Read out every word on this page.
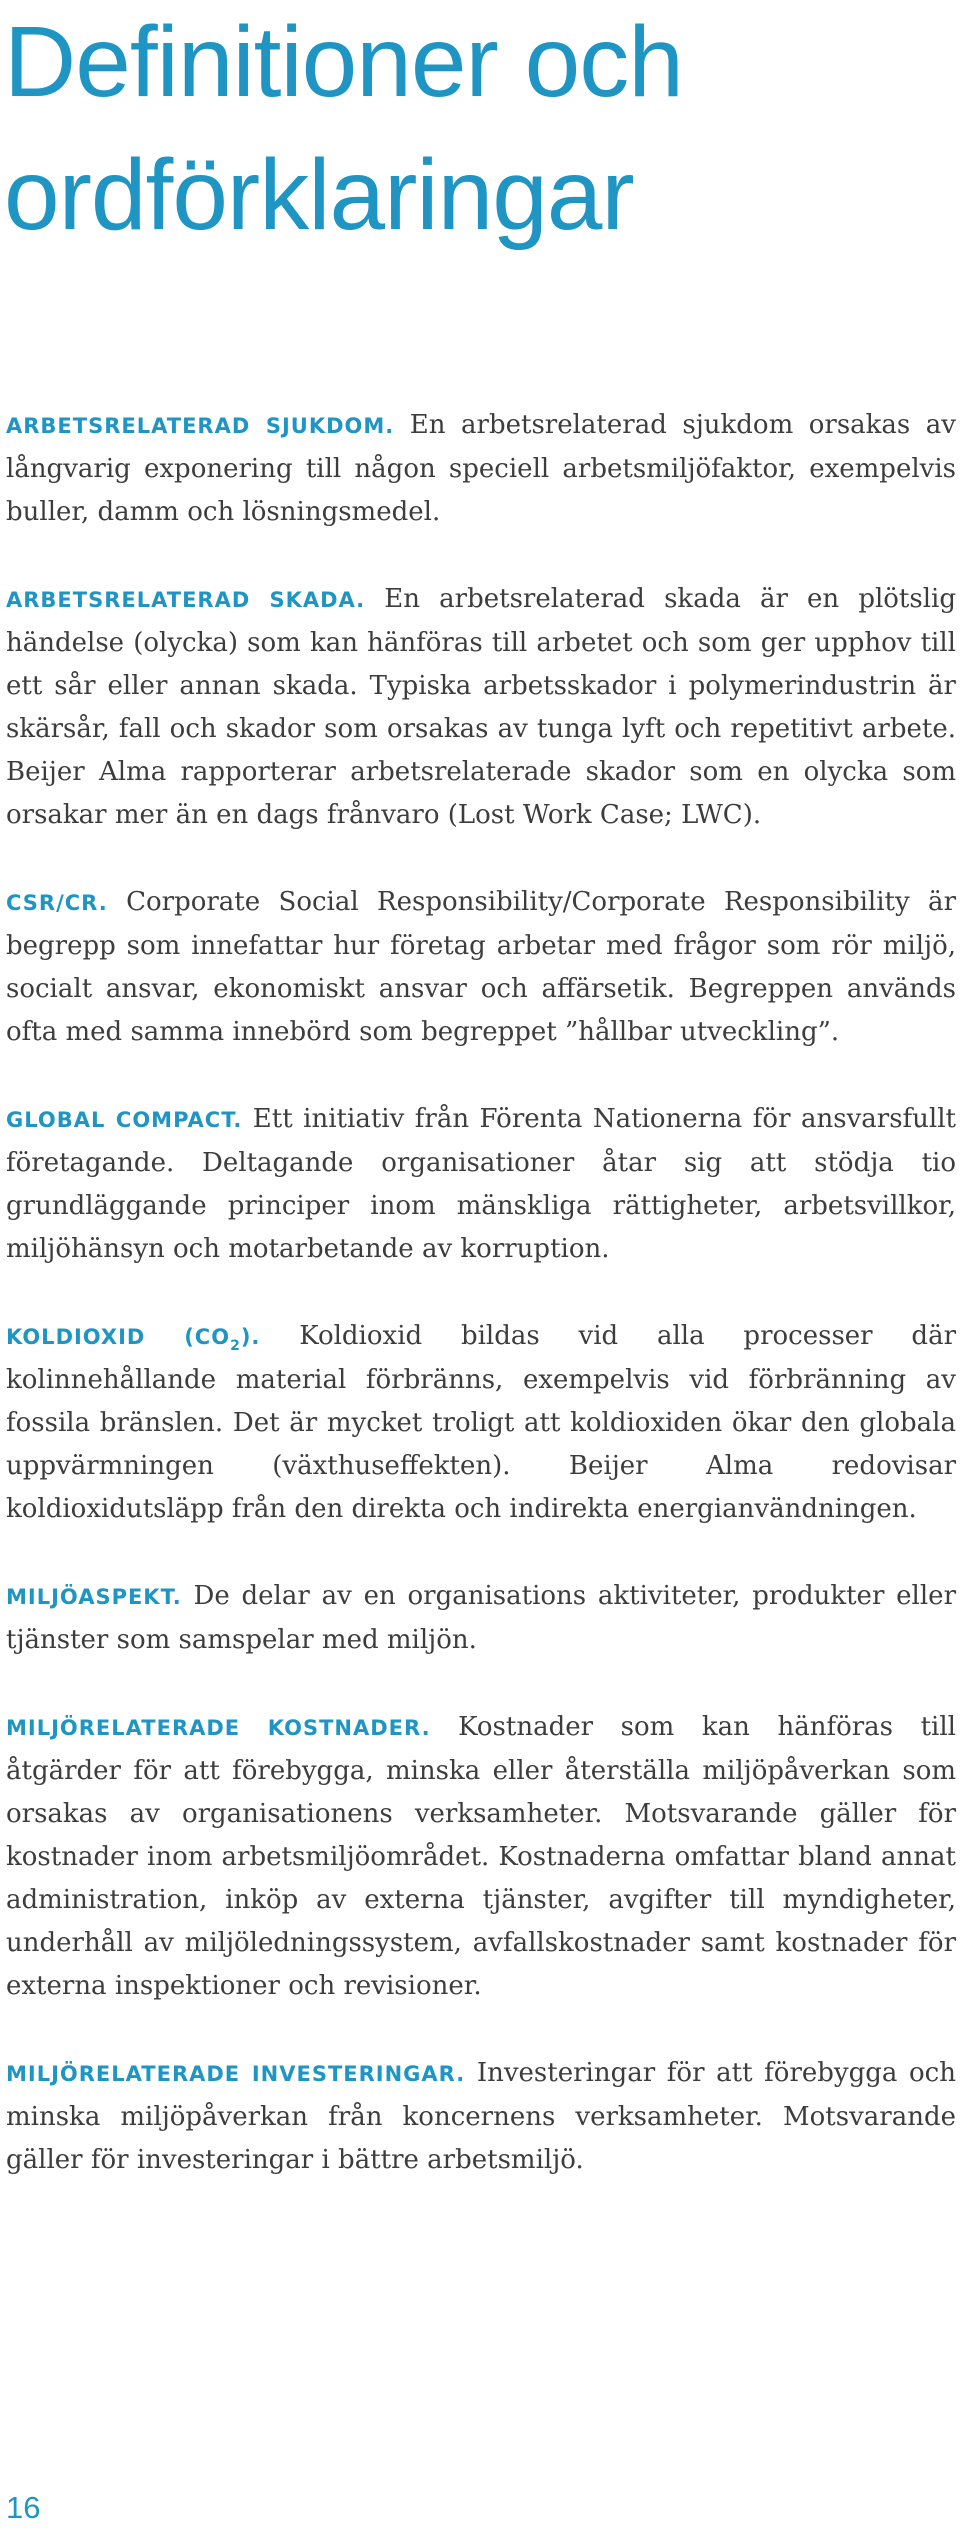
Definitioner och
ordförklaringar

ARBETSRELATERAD SJUKDOM. En arbetsrelaterad sjukdom orsakas av långvarig exponering till någon speciell arbetsmiljöfaktor, exempelvis buller, damm och lösningsmedel.

ARBETSRELATERAD SKADA. En arbetsrelaterad skada är en plötslig händelse (olycka) som kan hänföras till arbetet och som ger upphov till ett sår eller annan skada. Typiska arbetsskador i polymerindustrin är skärsår, fall och skador som orsakas av tunga lyft och repetitivt arbete. Beijer Alma rapporterar arbetsrelaterade skador som en olycka som orsakar mer än en dags frånvaro (Lost Work Case; LWC).

CSR/CR. Corporate Social Responsibility/Corporate Responsibility är begrepp som innefattar hur företag arbetar med frågor som rör miljö, socialt ansvar, ekonomiskt ansvar och affärsetik. Begreppen används ofta med samma innebörd som begreppet ”hållbar utveckling”.

GLOBAL COMPACT. Ett initiativ från Förenta Nationerna för ansvarsfullt företagande. Deltagande organisationer åtar sig att stödja tio grundläggande principer inom mänskliga rättigheter, arbetsvillkor, miljöhänsyn och motarbetande av korruption.

KOLDIOXID $(CO_2)$. Koldioxid bildas vid alla processer där kolinnehållande material förbränns, exempelvis vid förbränning av fossila bränslen. Det är mycket troligt att koldioxiden ökar den globala uppvärmningen (växthuseffekten). Beijer Alma redovisar koldioxidutsläpp från den direkta och indirekta energianvändningen.

MILJÖASPEKT. De delar av en organisations aktiviteter, produkter eller tjänster som samspelar med miljön.

MILJÖRELATERADE KOSTNADER. Kostnader som kan hänföras till åtgärder för att förebygga, minska eller återställa miljöpåverkan som orsakas av organisationens verksamheter. Motsvarande gäller för kostnader inom arbetsmiljöområdet. Kostnaderna omfattar bland annat administration, inköp av externa tjänster, avgifter till myndigheter, underhåll av miljöledningssystem, avfallskostnader samt kostnader för externa inspektioner och revisioner.

MILJÖRELATERADE INVESTERINGAR. Investeringar för att förebygga och minska miljöpåverkan från koncernens verksamheter. Motsvarande gäller för investeringar i bättre arbetsmiljö.

16
